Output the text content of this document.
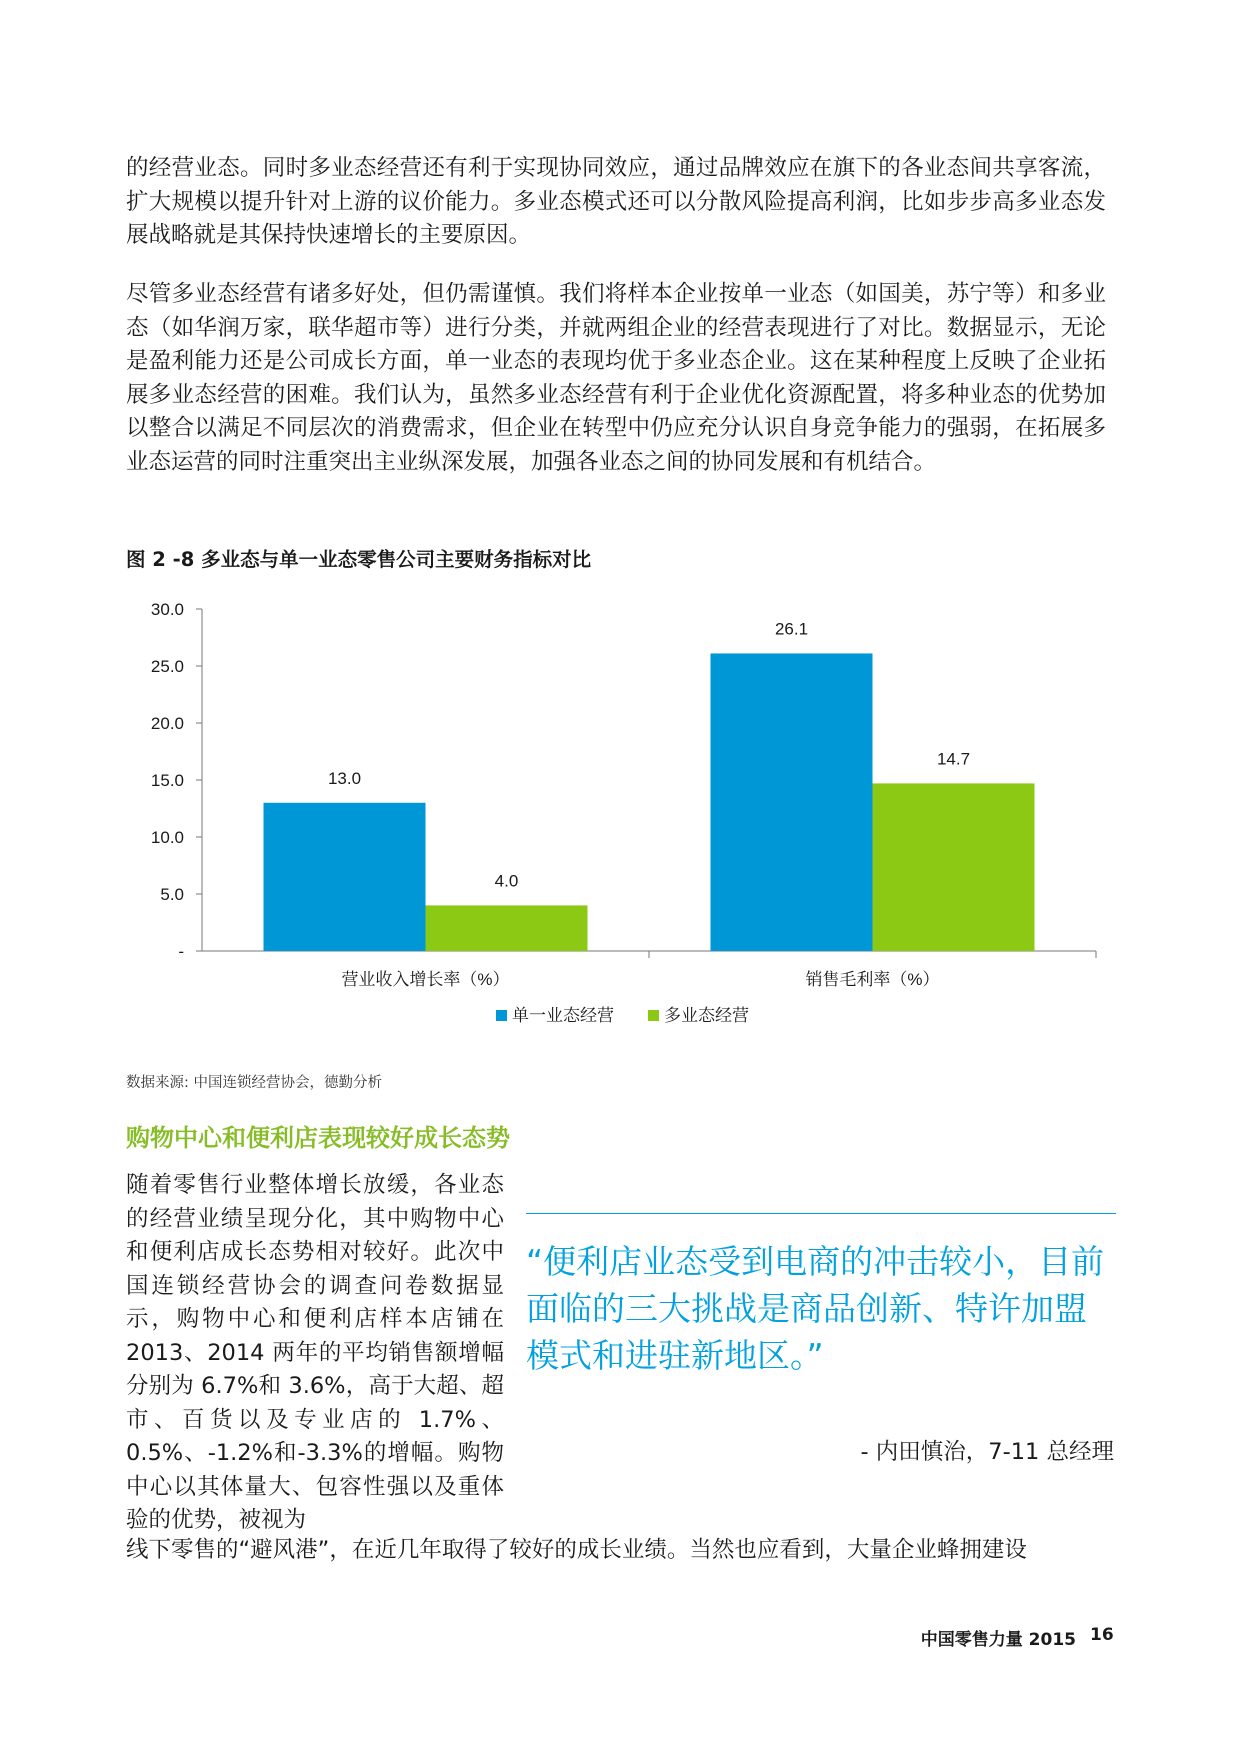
的经营业态。同时多业态经营还有利于实现协同效应，通过品牌效应在旗下的各业态间共享客流，扩大规模以提升针对上游的议价能力。多业态模式还可以分散风险提高利润，比如步步高多业态发展战略就是其保持快速增长的主要原因。

尽管多业态经营有诸多好处，但仍需谨慎。我们将样本企业按单一业态（如国美，苏宁等）和多业态（如华润万家，联华超市等）进行分类，并就两组企业的经营表现进行了对比。数据显示，无论是盈利能力还是公司成长方面，单一业态的表现均优于多业态企业。这在某种程度上反映了企业拓展多业态经营的困难。我们认为，虽然多业态经营有利于企业优化资源配置，将多种业态的优势加以整合以满足不同层次的消费需求，但企业在转型中仍应充分认识自身竞争能力的强弱，在拓展多业态运营的同时注重突出主业纵深发展，加强各业态之间的协同发展和有机结合。

图 2 -8 多业态与单一业态零售公司主要财务指标对比

-
5.0
10.0
15.0
20.0
25.0
30.0
13.0
4.0
营业收入增长率（%）
26.1
14.7
销售毛利率（%）
单一业态经营	多业态经营

数据来源: 中国连锁经营协会，德勤分析

购物中心和便利店表现较好成长态势

随着零售行业整体增长放缓，各业态的经营业绩呈现分化，其中购物中心和便利店成长态势相对较好。此次中国连锁经营协会的调查问卷数据显示，购物中心和便利店样本店铺在 2013、2014 两年的平均销售额增幅分别为 6.7%和 3.6%，高于大超、超市、百货以及专业店的 1.7%、0.5%、-1.2%和-3.3%的增幅。购物中心以其体量大、包容性强以及重体验的优势，被视为

线下零售的“避风港”，在近几年取得了较好的成长业绩。当然也应看到，大量企业蜂拥建设

“便利店业态受到电商的冲击较小，目前面临的三大挑战是商品创新、特许加盟模式和进驻新地区。”

- 内田慎治，7-11 总经理

中国零售力量 2015 16
